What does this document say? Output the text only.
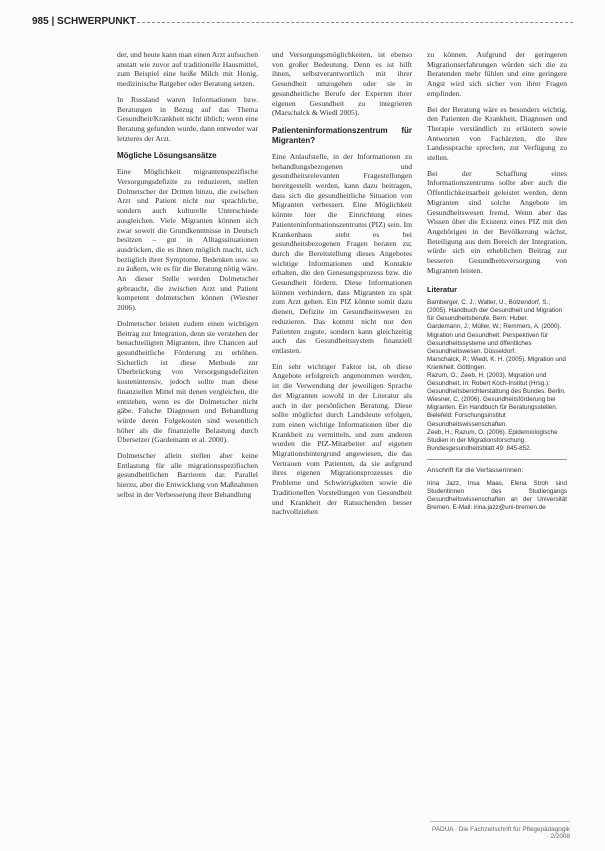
985 | SCHWERPUNKT

der, und heute kann man einen Arzt aufsuchen anstatt wie zuvor auf traditionelle Hausmittel, zum Beispiel eine heiße Milch mit Honig, medizinische Ratgeber oder Beratung setzen.

In Russland waren Informationen bzw. Beratungen in Bezug auf das Thema Gesundheit/Krankheit nicht üblich; wenn eine Beratung gefunden wurde, dann entweder war letzteres der Arzt.

Mögliche Lösungsansätze

Eine Möglichkeit migrantenspezifische Versorgungsdefizite zu reduzieren, stellen Dolmetscher der Dritten hinzu, die zwischen Arzt und Patient nicht nur sprachliche, sondern auch kulturelle Unterschiede ausgleichen. Viele Migranten können sich zwar soweit die Grundkenntnisse in Deutsch besitzen – gut in Alltagssituationen ausdrücken, die es ihnen möglich macht, sich bezüglich ihrer Symptome, Bedenken usw. so zu äußern, wie es für die Beratung nötig wäre. An dieser Stelle werden Dolmetscher gebraucht, die zwischen Arzt und Patient kompetent dolmetschen können (Wiesner 2006).

Dolmetscher leisten zudem einen wichtigen Beitrag zur Integration, denn sie verstehen der benachteiligten Migranten, ihre Chancen auf gesundheitliche Förderung zu erhöhen. Sicherlich ist diese Methode zur Überbrückung von Versorgungsdefiziten kostenintensiv, jedoch sollte man diese finanziellen Mittel mit denen vergleichen, die entstehen, wenn es die Dolmetscher nicht gäbe. Falsche Diagnosen und Behandlung würde deren Folgekosten sind wesentlich höher als die finanzielle Belastung durch Übersetzer (Gardemann et al. 2000).

Dolmetscher allein stellen aber keine Entlastung für alle migrationsspezifischen gesundheitlichen Barrieren dar. Parallel hierzu, aber die Entwicklung von Maßnahmen selbst in der Verbesserung ihrer Behandlung

und Versorgungsmöglichkeiten, ist ebenso von großer Bedeutung. Denn es ist hilft ihnen, selbstverantwortlich mit ihrer Gesundheit umzugehen oder sie in gesundheitliche Berufe der Experten ihrer eigenen Gesundheit zu integrieren (Marschalck & Wiedl 2005).

Patienteninformationszentrum für Migranten?

Eine Anlaufstelle, in der Informationen zu behandlungsbezogenen und gesundheitsrelevanten Fragestellungen bereitgestellt werden, kann dazu beitragen, dass sich die gesundheitliche Situation von Migranten verbessert. Eine Möglichkeit könnte hier die Einrichtung eines Patienteninformationszentrums (PIZ) sein. Im Krankenhaus steht es bei gesundheitsbezogenen Fragen beraten zu; durch die Bereitstellung dieses Angebotes wichtige Informationen und Kontakte erhalten, die den Genesungsprozess bzw. die Gesundheit fördern. Diese Informationen können verhindern, dass Migranten zu spät zum Arzt gehen. Ein PIZ könnte somit dazu dienen, Defizite im Gesundheitswesen zu reduzieren. Das kommt nicht nur den Patienten zugute, sondern kann gleichzeitig auch das Gesundheitssystem finanziell entlasten.

Ein sehr wichtiger Faktor ist, ob diese Angebote erfolgreich angenommen werden, ist die Verwendung der jeweiligen Sprache der Migranten sowohl in der Literatur als auch in der persönlichen Beratung. Diese sollte möglichst durch Landsleute erfolgen, zum einen wichtige Informationen über die Krankheit zu vermitteln, und zum anderen wurden die PIZ-Mitarbeiter auf eigenen Migrationshintergrund angewiesen, die das Vertrauen vom Patienten, da sie aufgrund ihres eigenen Migrationsprozesses die Probleme und Schwierigkeiten sowie die Traditionellen Vorstellungen von Gesundheit und Krankheit der Ratsuchenden besser nachvollziehen

zu können. Aufgrund der geringeren Migrationserfahrungen würden sich die zu Beratenden mehr fühlen und eine geringere Angst wird sich sicher von ihrer Fragen empfinden.

Bei der Beratung wäre es besonders wichtig, den Patienten die Krankheit, Diagnosen und Therapie verständlich zu erläutern sowie Antworten von Fachärzten, die ihre Landessprache sprechen, zur Verfügung zu stellen.

Bei der Schaffung eines Informationszentrums sollte aber auch die Öffentlichkeitsarbeit geleistet werden, denn Migranten sind solche Angebote im Gesundheitswesen fremd. Wenn aber das Wissen über die Existenz eines PIZ mit den Angehörigen in der Bevölkerung wächst, Beteiligung aus dem Bereich der Integration, würde sich ein erheblichen Beitrag zur besseren Gesundheitsversorgung von Migranten leisten.

Literatur
Bamberger, C. J.; Walter, U.; Bolzendorf, S.; (2005). Handbuch der Gesundheit und Migration für Gesundheitsberufe. Bern: Huber.
Gardemann, J.; Müller, W.; Remmers, A. (2000). Migration und Gesundheit: Perspektiven für Gesundheitssysteme und öffentliches Gesundheitswesen. Düsseldorf.
Marschalck, P.; Wiedl, K. H. (2005). Migration und Krankheit. Göttingen.
Razum, O.; Zeeb, H. (2003). Migration und Gesundheit. In: Robert Koch-Institut (Hrsg.): Gesundheitsberichterstattung des Bundes. Berlin.
Wiesner, C. (2006). Gesundheitsförderung bei Migranten. Ein Handbuch für Beratungsstellen. Bielefeld: Forschungsinstitut Gesundheitswissenschaften.
Zeeb, H.; Razum, O. (2006). Epidemiologische Studien in der Migrationsforschung. Bundesgesundheitsblatt 49: 845-852.
Anschrift für die Verfasserinnen:
Irina Jazz, Insa Maas, Elena Stroh sind Studentinnen des Studiengangs Gesundheitswissenschaften an der Universität Bremen. E-Mail: irina.jazz@uni-bremen.de
PADUA · Die Fachzeitschrift für Pflegepädagogik · 2/2008
